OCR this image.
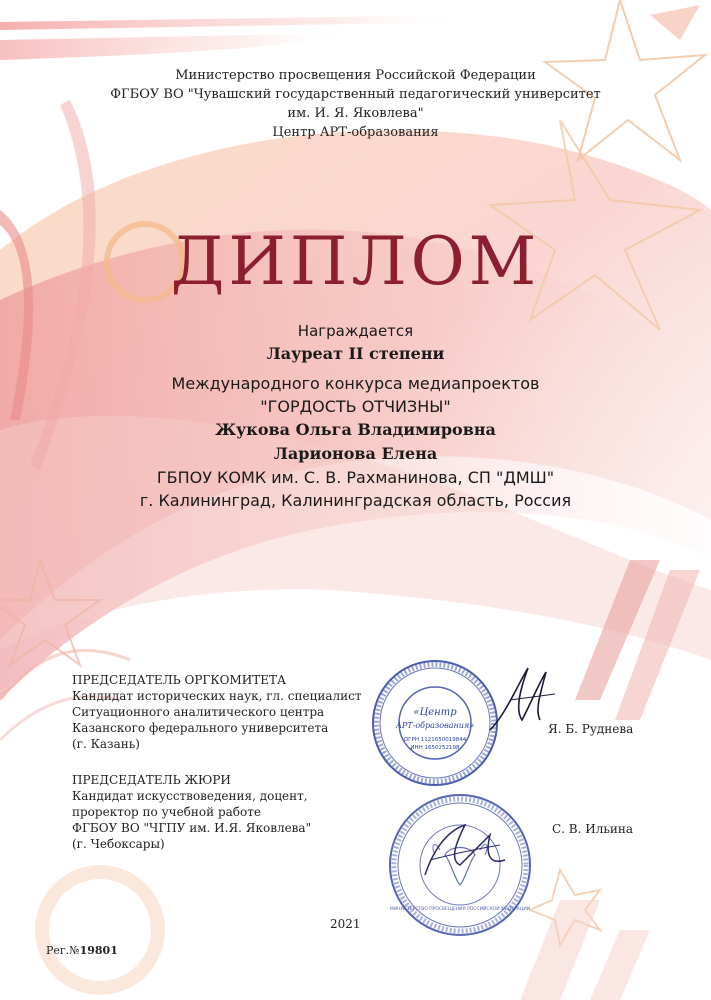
Министерство просвещения Российской Федерации
ФГБОУ ВО "Чувашский государственный педагогический университет
им. И. Я. Яковлева"
Центр АРТ-образования
ДИПЛОМ
Награждается
Лауреат II степени
Международного конкурса медиапроектов
"ГОРДОСТЬ ОТЧИЗНЫ"
Жукова Ольга Владимировна
Ларионова Елена
ГБПОУ КОМК им. С. В. Рахманинова, СП "ДМШ"
г. Калининград, Калининградская область, Россия
ПРЕДСЕДАТЕЛЬ ОРГКОМИТЕТА
Кандидат исторических наук, гл. специалист
Ситуационного аналитического центра
Казанского федерального университета
(г. Казань)
Я. Б. Руднева
ПРЕДСЕДАТЕЛЬ ЖЮРИ
Кандидат искусствоведения, доцент,
проректор по учебной работе
ФГБОУ ВО "ЧГПУ им. И.Я. Яковлева"
(г. Чебоксары)
С. В. Ильина
«Центр
АРТ-образования»
ОГРН 1121650019844
ИНН 1650252198
МИНИСТЕРСТВО ПРОСВЕЩЕНИЯ РОССИЙСКОЙ ФЕДЕРАЦИИ
2021
Рег.№19801
